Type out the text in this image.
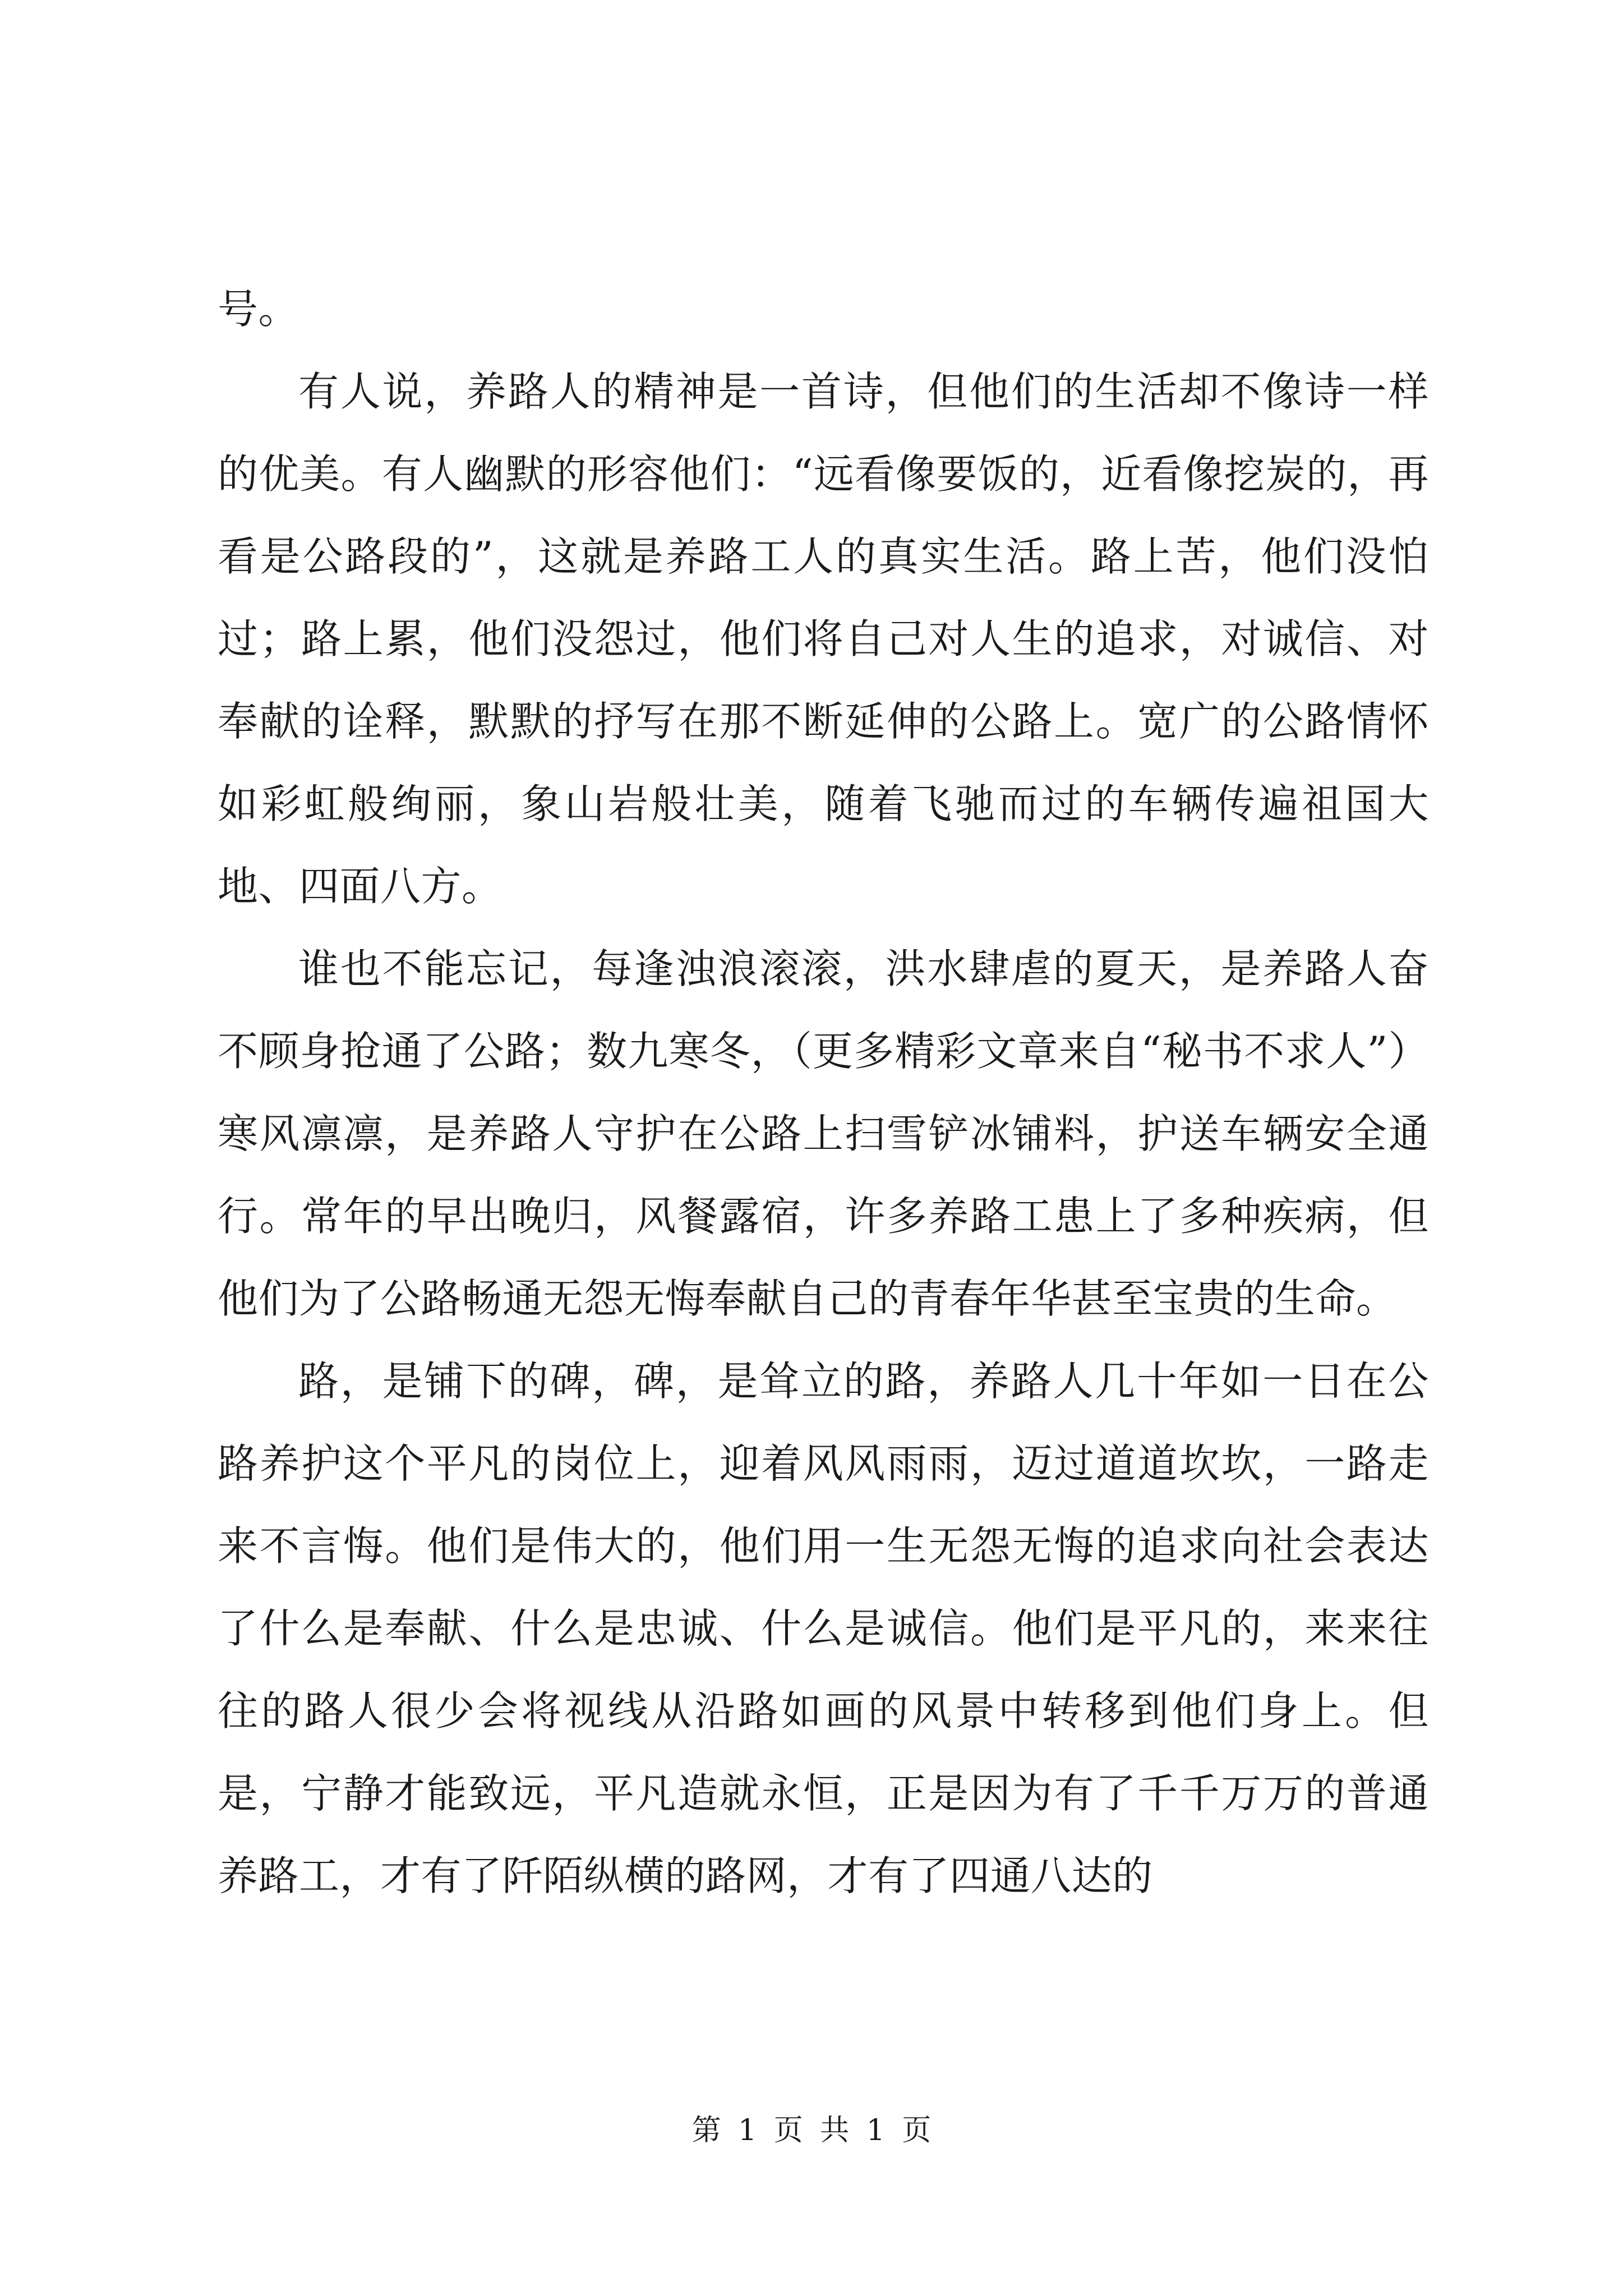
号。

有人说，养路人的精神是一首诗，但他们的生活却不像诗一样的优美。有人幽默的形容他们：“远看像要饭的，近看像挖炭的，再看是公路段的”，这就是养路工人的真实生活。路上苦，他们没怕过；路上累，他们没怨过，他们将自己对人生的追求，对诚信、对奉献的诠释，默默的抒写在那不断延伸的公路上。宽广的公路情怀如彩虹般绚丽，象山岩般壮美，随着飞驰而过的车辆传遍祖国大地、四面八方。

谁也不能忘记，每逢浊浪滚滚，洪水肆虐的夏天，是养路人奋不顾身抢通了公路；数九寒冬，（更多精彩文章来自“秘书不求人”）寒风凛凛，是养路人守护在公路上扫雪铲冰铺料，护送车辆安全通行。常年的早出晚归，风餐露宿，许多养路工患上了多种疾病，但他们为了公路畅通无怨无悔奉献自己的青春年华甚至宝贵的生命。

路，是铺下的碑，碑，是耸立的路，养路人几十年如一日在公路养护这个平凡的岗位上，迎着风风雨雨，迈过道道坎坎，一路走来不言悔。他们是伟大的，他们用一生无怨无悔的追求向社会表达了什么是奉献、什么是忠诚、什么是诚信。他们是平凡的，来来往往的路人很少会将视线从沿路如画的风景中转移到他们身上。但是，宁静才能致远，平凡造就永恒，正是因为有了千千万万的普通养路工，才有了阡陌纵横的路网，才有了四通八达的

第 1 页 共 1 页
